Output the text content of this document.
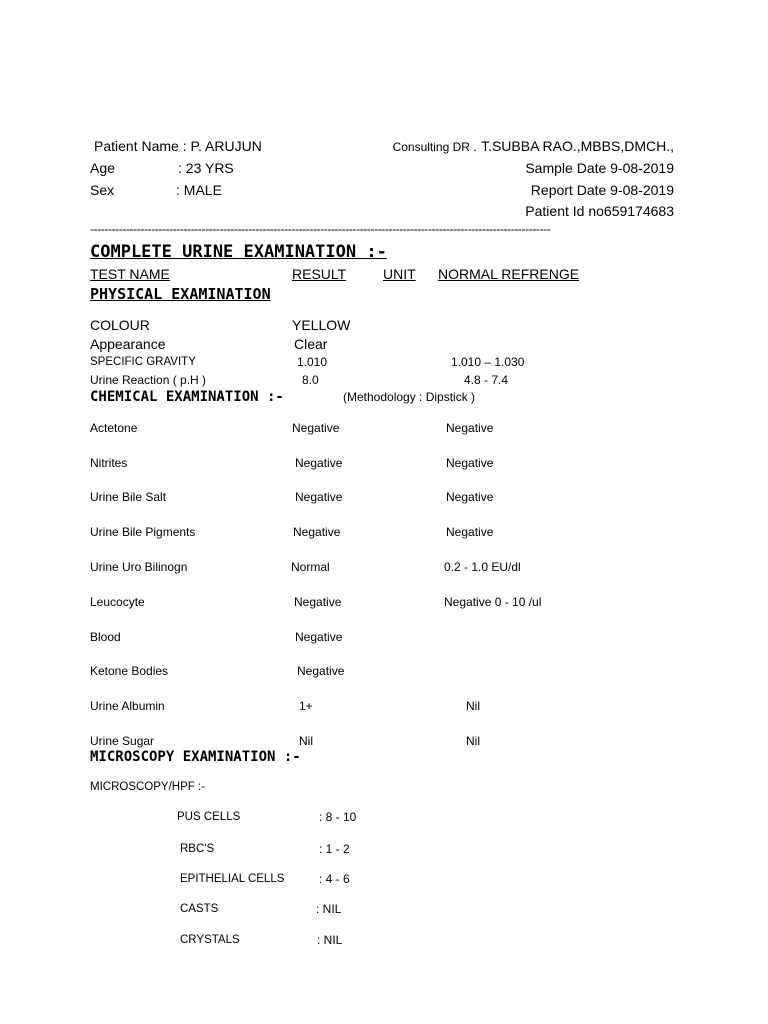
Patient Name : P. ARUJUN
Age	: 23 YRS
Sex	: MALE
Consulting DR . T.SUBBA RAO.,MBBS,DMCH.,
Sample Date 9-08-2019
Report Date 9-08-2019
Patient Id no659174683
--------------------------------------------------------------------------------------------------------------------------------
COMPLETE URINE EXAMINATION :-
TEST NAME	RESULT	UNIT NORMAL REFRENGE
PHYSICAL EXAMINATION
COLOUR	YELLOW
Appearance	Clear
SPECIFIC GRAVITY	1.010	1.010 – 1.030
Urine Reaction ( p.H )	8.0	4.8 - 7.4
CHEMICAL EXAMINATION :-	(Methodology : Dipstick )
Actetone	Negative	Negative
Nitrites	Negative	Negative
Urine Bile Salt	Negative	Negative
Urine Bile Pigments	Negative	Negative
Urine Uro Bilinogn	Normal	0.2 - 1.0 EU/dl
Leucocyte	Negative	Negative 0 - 10 /ul
Blood	Negative
Ketone Bodies	Negative
Urine Albumin	1+	Nil
Urine Sugar	Nil	Nil
MICROSCOPY EXAMINATION :-
MICROSCOPY/HPF :-
PUS CELLS	: 8 - 10
RBC'S	: 1 - 2
EPITHELIAL CELLS	: 4 - 6
CASTS	: NIL
CRYSTALS	: NIL
